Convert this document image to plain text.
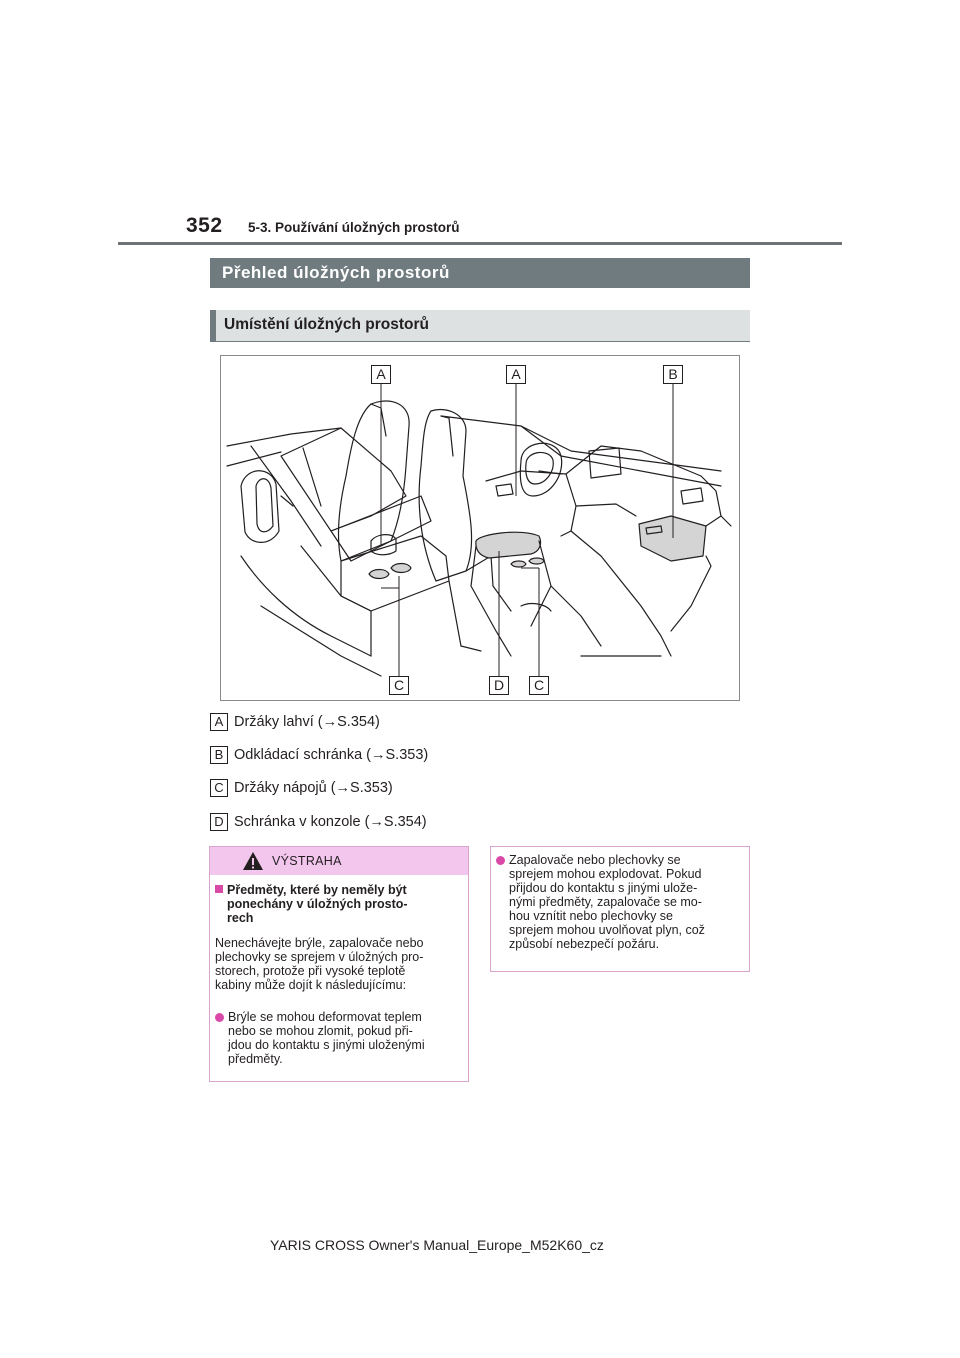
352 5-3. Používání úložných prostorů
Přehled úložných prostorů
Umístění úložných prostorů
A	A	B
C	D	C
A Držáky lahví (→S.354)
B Odkládací schránka (→S.353)
C Držáky nápojů (→S.353)
D Schránka v konzole (→S.354)
VÝSTRAHA
Předměty, které by neměly být
ponechány v úložných prosto-
rech
Nenechávejte brýle, zapalovače nebo
plechovky se sprejem v úložných pro-
storech, protože při vysoké teplotě
kabiny může dojít k následujícímu:
Brýle se mohou deformovat teplem
nebo se mohou zlomit, pokud při-
jdou do kontaktu s jinými uloženými
předměty.
Zapalovače nebo plechovky se
sprejem mohou explodovat. Pokud
přijdou do kontaktu s jinými ulože-
nými předměty, zapalovače se mo-
hou vznítit nebo plechovky se
sprejem mohou uvolňovat plyn, což
způsobí nebezpečí požáru.
YARIS CROSS Owner's Manual_Europe_M52K60_cz
